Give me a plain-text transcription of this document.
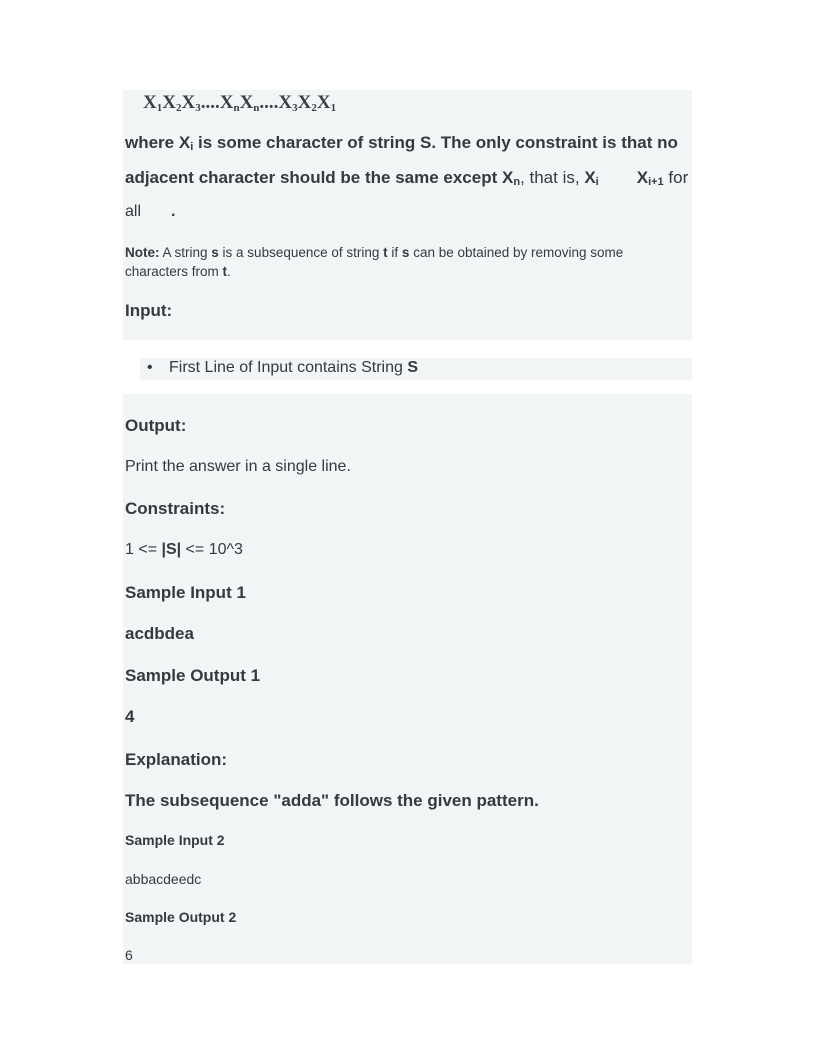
$X_1X_2X_3....X_nX_n....X_3X_2X_1$
where $X_i$ is some character of string S. The only constraint is that no
adjacent character should be the same except $X_n$, that is, $X_i$ $X_{i+1}$ for
all .
Note: A string s is a subsequence of string t if s can be obtained by removing some
characters from t.
Input:
• First Line of Input contains String S
Output:
Print the answer in a single line.
Constraints:
1 <= |S| <= 10^3
Sample Input 1
acdbdea
Sample Output 1
4
Explanation:
The subsequence "adda" follows the given pattern.
Sample Input 2
abbacdeedc
Sample Output 2
6
